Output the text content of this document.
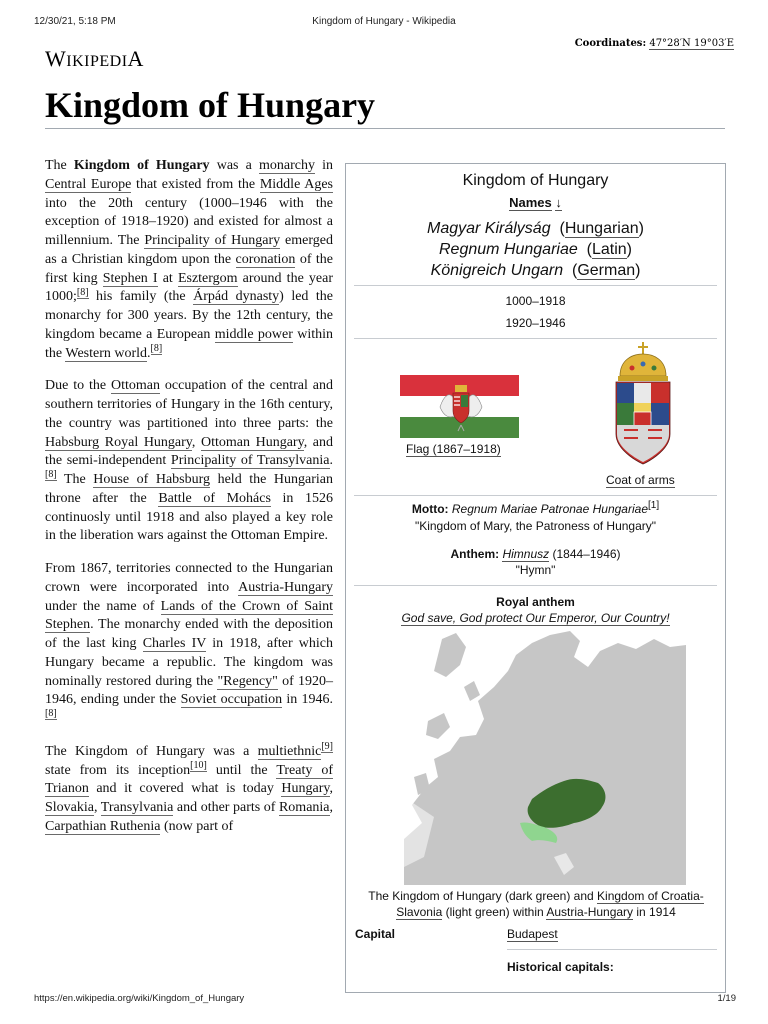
12/30/21, 5:18 PM	Kingdom of Hungary - Wikipedia
WIKIPEDIA
Coordinates: 47°28′N 19°03′E
Kingdom of Hungary

The Kingdom of Hungary was a monarchy in Central Europe that existed from the Middle Ages into the 20th century (1000–1946 with the exception of 1918–1920) and existed for almost a millennium. The Principality of Hungary emerged as a Christian kingdom upon the coronation of the first king Stephen I at Esztergom around the year 1000;[8] his family (the Árpád dynasty) led the monarchy for 300 years. By the 12th century, the kingdom became a European middle power within the Western world.[8]

Due to the Ottoman occupation of the central and southern territories of Hungary in the 16th century, the country was partitioned into three parts: the Habsburg Royal Hungary, Ottoman Hungary, and the semi-independent Principality of Transylvania.[8] The House of Habsburg held the Hungarian throne after the Battle of Mohács in 1526 continuosly until 1918 and also played a key role in the liberation wars against the Ottoman Empire.

From 1867, territories connected to the Hungarian crown were incorporated into Austria-Hungary under the name of Lands of the Crown of Saint Stephen. The monarchy ended with the deposition of the last king Charles IV in 1918, after which Hungary became a republic. The kingdom was nominally restored during the "Regency" of 1920–1946, ending under the Soviet occupation in 1946.[8]

The Kingdom of Hungary was a multiethnic[9] state from its inception[10] until the Treaty of Trianon and it covered what is today Hungary, Slovakia, Transylvania and other parts of Romania, Carpathian Ruthenia (now part of

Kingdom of Hungary
Names ↓
Magyar Királyság  (Hungarian)
Regnum Hungariae  (Latin)
Königreich Ungarn  (German)
1000–1918
1920–1946
Flag (1867–1918)
Coat of arms
Motto: Regnum Mariae Patronae Hungariae[1]
"Kingdom of Mary, the Patroness of Hungary"
Anthem: Himnusz (1844–1946)
"Hymn"
Royal anthem
God save, God protect Our Emperor, Our Country!
The Kingdom of Hungary (dark green) and Kingdom of Croatia-Slavonia (light green) within Austria-Hungary in 1914
Capital	Budapest
Historical capitals:
https://en.wikipedia.org/wiki/Kingdom_of_Hungary	1/19
